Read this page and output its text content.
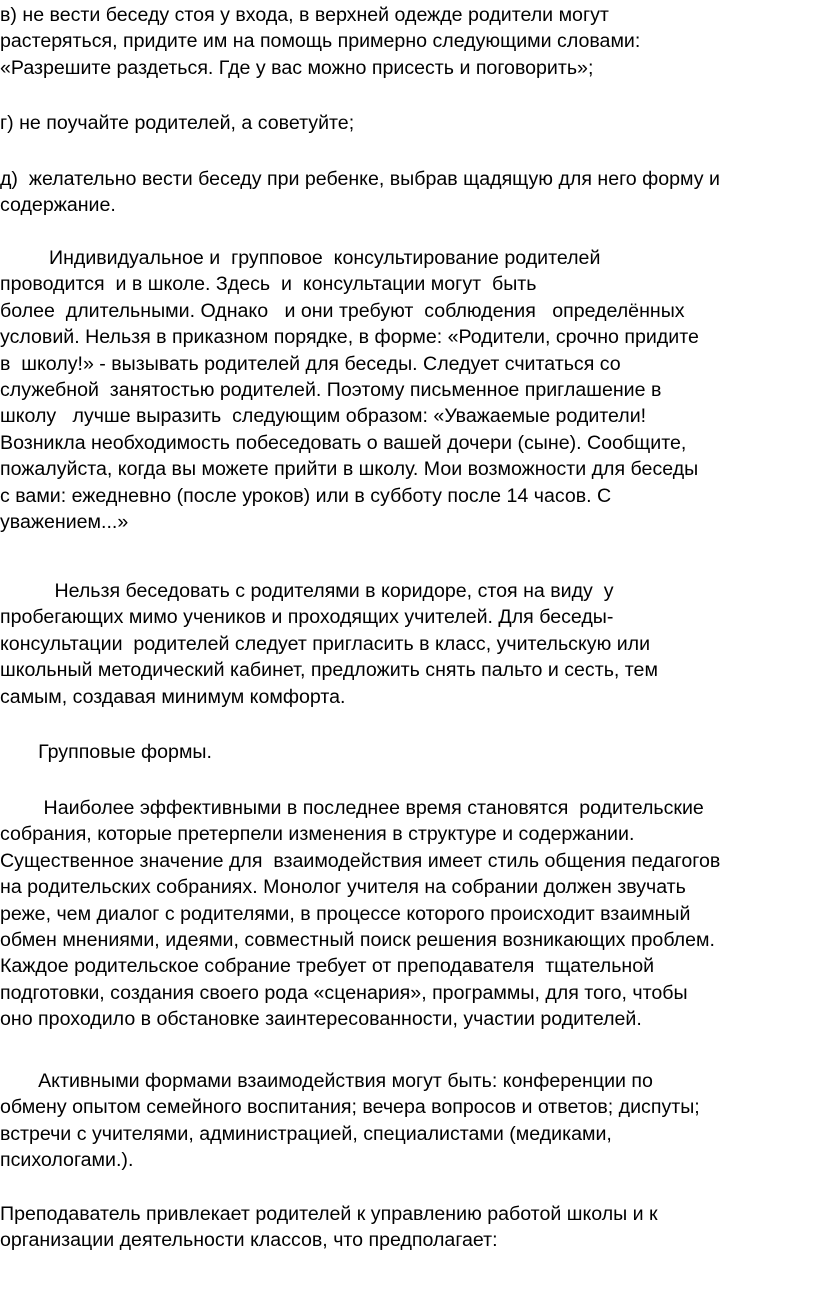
в) не вести беседу стоя у входа, в верхней одежде родители могут
растеряться, придите им на помощь примерно следующими словами:
«Разрешите раздеться. Где у вас можно присесть и поговорить»;

г) не поучайте родителей, а советуйте;

д)  желательно вести беседу при ребенке, выбрав щадящую для него форму и
содержание.

Индивидуальное и  групповое  консультирование родителей
проводится  и в школе. Здесь  и  консультации могут  быть
более  длительными. Однако   и они требуют  соблюдения   определённых
условий. Нельзя в приказном порядке, в форме: «Родители, срочно придите
в  школу!» - вызывать родителей для беседы. Следует считаться со
служебной  занятостью родителей. Поэтому письменное приглашение в
школу   лучше выразить  следующим образом: «Уважаемые родители!
Возникла необходимость побеседовать о вашей дочери (сыне). Сообщите,
пожалуйста, когда вы можете прийти в школу. Мои возможности для беседы
с вами: ежедневно (после уроков) или в субботу после 14 часов. С
уважением...»

Нельзя беседовать с родителями в коридоре, стоя на виду  у
пробегающих мимо учеников и проходящих учителей. Для беседы-
консультации  родителей следует пригласить в класс, учительскую или
школьный методический кабинет, предложить снять пальто и сесть, тем
самым, создавая минимум комфорта.

Групповые формы.

Наиболее эффективными в последнее время становятся  родительские
собрания, которые претерпели изменения в структуре и содержании.
Существенное значение для  взаимодействия имеет стиль общения педагогов
на родительских собраниях. Монолог учителя на собрании должен звучать
реже, чем диалог с родителями, в процессе которого происходит взаимный
обмен мнениями, идеями, совместный поиск решения возникающих проблем.
Каждое родительское собрание требует от преподавателя  тщательной
подготовки, создания своего рода «сценария», программы, для того, чтобы
оно проходило в обстановке заинтересованности, участии родителей.

Активными формами взаимодействия могут быть: конференции по
обмену опытом семейного воспитания; вечера вопросов и ответов; диспуты;
встречи с учителями, администрацией, специалистами (медиками,
психологами.).

Преподаватель привлекает родителей к управлению работой школы и к
организации деятельности классов, что предполагает:
